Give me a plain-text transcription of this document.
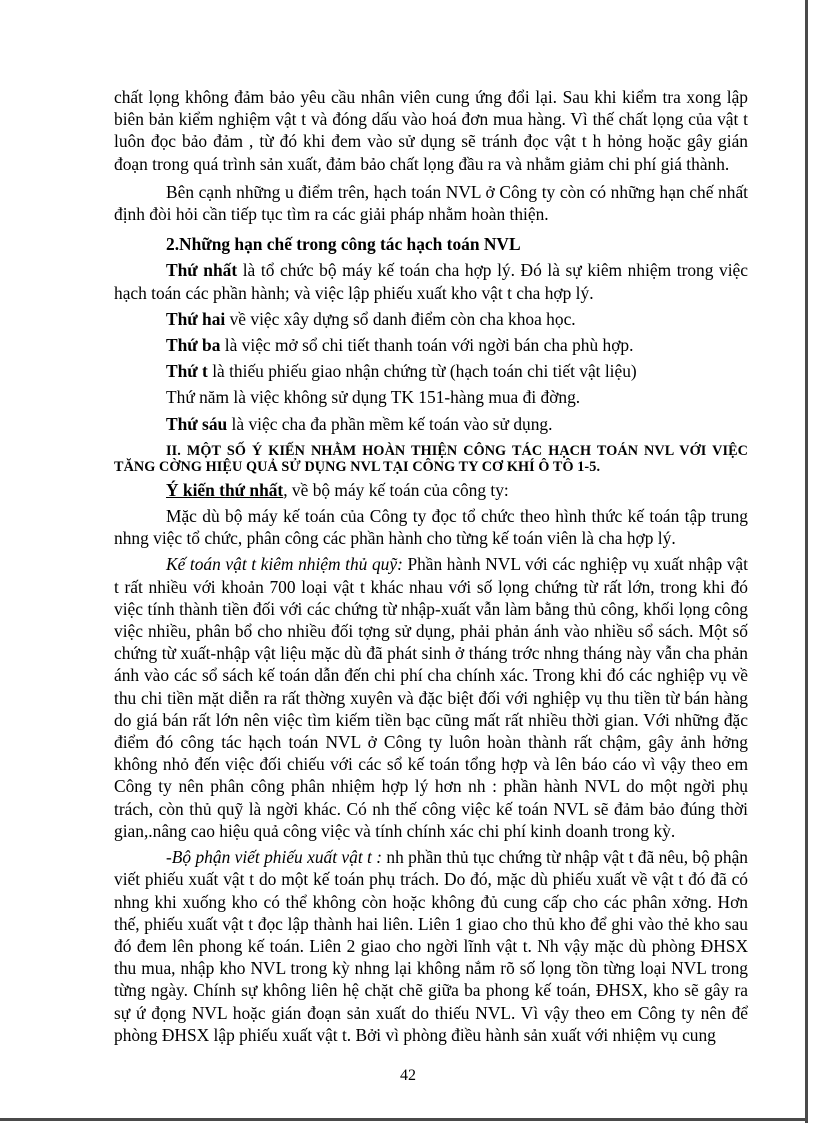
chất lọng không đảm bảo yêu cầu nhân viên cung ứng đổi lại. Sau khi kiểm tra xong lập biên bản kiểm nghiệm vật t và đóng dấu vào hoá đơn mua hàng. Vì thế chất lọng của vật t luôn đọc bảo đảm , từ đó khi đem vào sử dụng sẽ tránh đọc vật t h hỏng hoặc gây gián đoạn trong quá trình sản xuất, đảm bảo chất lọng đầu ra và nhằm giảm chi phí giá thành.

Bên cạnh những u điểm trên, hạch toán NVL ở Công ty còn có những hạn chế nhất định đòi hỏi cần tiếp tục tìm ra các giải pháp nhằm hoàn thiện.

2.Những hạn chế trong công tác hạch toán NVL

Thứ nhất là tổ chức bộ máy kế toán cha hợp lý. Đó là sự kiêm nhiệm trong việc hạch toán các phần hành; và việc lập phiếu xuất kho vật t cha hợp lý.

Thứ hai về việc xây dựng sổ danh điểm còn cha khoa học.

Thứ ba là việc mở sổ chi tiết thanh toán với ngời bán cha phù hợp.

Thứ t là thiếu phiếu giao nhận chứng từ (hạch toán chi tiết vật liệu)

Thứ năm là việc không sử dụng TK 151-hàng mua đi đờng.

Thứ sáu là việc cha đa phần mềm kế toán vào sử dụng.

II. MỘT SỐ Ý KIẾN NHẰM HOÀN THIỆN CÔNG TÁC HẠCH TOÁN NVL VỚI VIỆC TĂNG CỜNG HIỆU QUẢ SỬ DỤNG NVL TẠI CÔNG TY CƠ KHÍ Ô TÔ 1-5.

Ý kiến thứ nhất, về bộ máy kế toán của công ty:

Mặc dù bộ máy kế toán của Công ty đọc tổ chức theo hình thức kế toán tập trung nhng việc tổ chức, phân công các phần hành cho từng kế toán viên là cha hợp lý.

Kế toán vật t kiêm nhiệm thủ quỹ: Phần hành NVL với các nghiệp vụ xuất nhập vật t rất nhiều với khoản 700 loại vật t khác nhau với số lọng chứng từ rất lớn, trong khi đó việc tính thành tiền đối với các chứng từ nhập-xuất vẫn làm bằng thủ công, khối lọng công việc nhiều, phân bổ cho nhiều đối tợng sử dụng, phải phản ánh vào nhiều sổ sách. Một số chứng từ xuất-nhập vật liệu mặc dù đã phát sinh ở tháng trớc nhng tháng này vẫn cha phản ánh vào các sổ sách kế toán dẫn đến chi phí cha chính xác. Trong khi đó các nghiệp vụ về thu chi tiền mặt diễn ra rất thờng xuyên và đặc biệt đối với nghiệp vụ thu tiền từ bán hàng do giá bán rất lớn nên việc tìm kiếm tiền bạc cũng mất rất nhiều thời gian. Với những đặc điểm đó công tác hạch toán NVL ở Công ty luôn hoàn thành rất chậm, gây ảnh hởng không nhỏ đến việc đối chiếu với các sổ kế toán tổng hợp và lên báo cáo vì vậy theo em Công ty nên phân công phân nhiệm hợp lý hơn nh : phần hành NVL do một ngời phụ trách, còn thủ quỹ là ngời khác. Có nh thế công việc kế toán NVL sẽ đảm bảo đúng thời gian,.nâng cao hiệu quả công việc và tính chính xác chi phí kinh doanh trong kỳ.

-Bộ phận viết phiếu xuất vật t : nh phần thủ tục chứng từ nhập vật t đã nêu, bộ phận viết phiếu xuất vật t do một kế toán phụ trách. Do đó, mặc dù phiếu xuất về vật t đó đã có nhng khi xuống kho có thể không còn hoặc không đủ cung cấp cho các phân xởng. Hơn thế, phiếu xuất vật t đọc lập thành hai liên. Liên 1 giao cho thủ kho để ghi vào thẻ kho sau đó đem lên phong kế toán. Liên 2 giao cho ngời lĩnh vật t. Nh vậy mặc dù phòng ĐHSX thu mua, nhập kho NVL trong kỳ nhng lại không nắm rõ số lọng tồn từng loại NVL trong từng ngày. Chính sự không liên hệ chặt chẽ giữa ba phong kế toán, ĐHSX, kho sẽ gây ra sự ứ đọng NVL hoặc gián đoạn sản xuất do thiếu NVL. Vì vậy theo em Công ty nên để phòng ĐHSX lập phiếu xuất vật t. Bởi vì phòng điều hành sản xuất với nhiệm vụ cung

42
